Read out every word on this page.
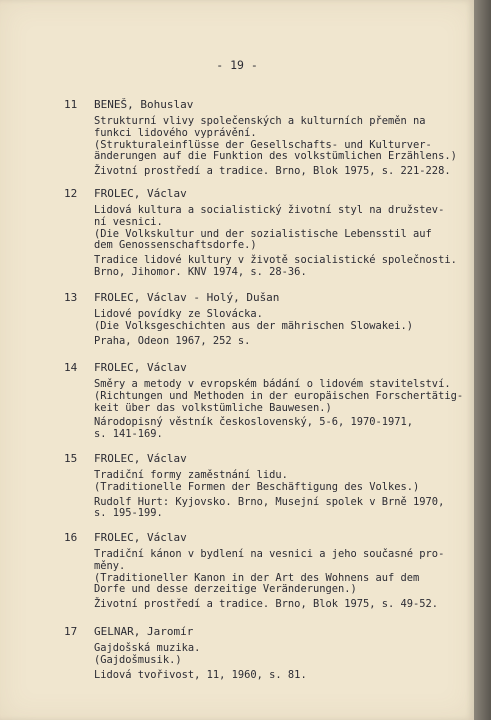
- 19 -
11 BENEŠ, Bohuslav
Strukturní vlivy společenských a kulturních přeměn na
funkci lidového vyprávění.
(Strukturaleinflüsse der Gesellschafts- und Kulturver-
änderungen auf die Funktion des volkstümlichen Erzählens.)
Životní prostředí a tradice. Brno, Blok 1975, s. 221-228.
12 FROLEC, Václav
Lidová kultura a socialistický životní styl na družstev-
ní vesnici.
(Die Volkskultur und der sozialistische Lebensstil auf
dem Genossenschaftsdorfe.)
Tradice lidové kultury v životě socialistické společnosti.
Brno, Jihomor. KNV 1974, s. 28-36.
13 FROLEC, Václav - Holý, Dušan
Lidové povídky ze Slovácka.
(Die Volksgeschichten aus der mährischen Slowakei.)
Praha, Odeon 1967, 252 s.
14 FROLEC, Václav
Směry a metody v evropském bádání o lidovém stavitelství.
(Richtungen und Methoden in der europäischen Forschertätig-
keit über das volkstümliche Bauwesen.)
Národopisný věstník československý, 5-6, 1970-1971,
s. 141-169.
15 FROLEC, Václav
Tradiční formy zaměstnání lidu.
(Traditionelle Formen der Beschäftigung des Volkes.)
Rudolf Hurt: Kyjovsko. Brno, Musejní spolek v Brně 1970,
s. 195-199.
16 FROLEC, Václav
Tradiční kánon v bydlení na vesnici a jeho současné pro-
měny.
(Traditioneller Kanon in der Art des Wohnens auf dem
Dorfe und desse derzeitige Veränderungen.)
Životní prostředí a tradice. Brno, Blok 1975, s. 49-52.
17 GELNAR, Jaromír
Gajdošská muzika.
(Gajdošmusik.)
Lidová tvořivost, 11, 1960, s. 81.
